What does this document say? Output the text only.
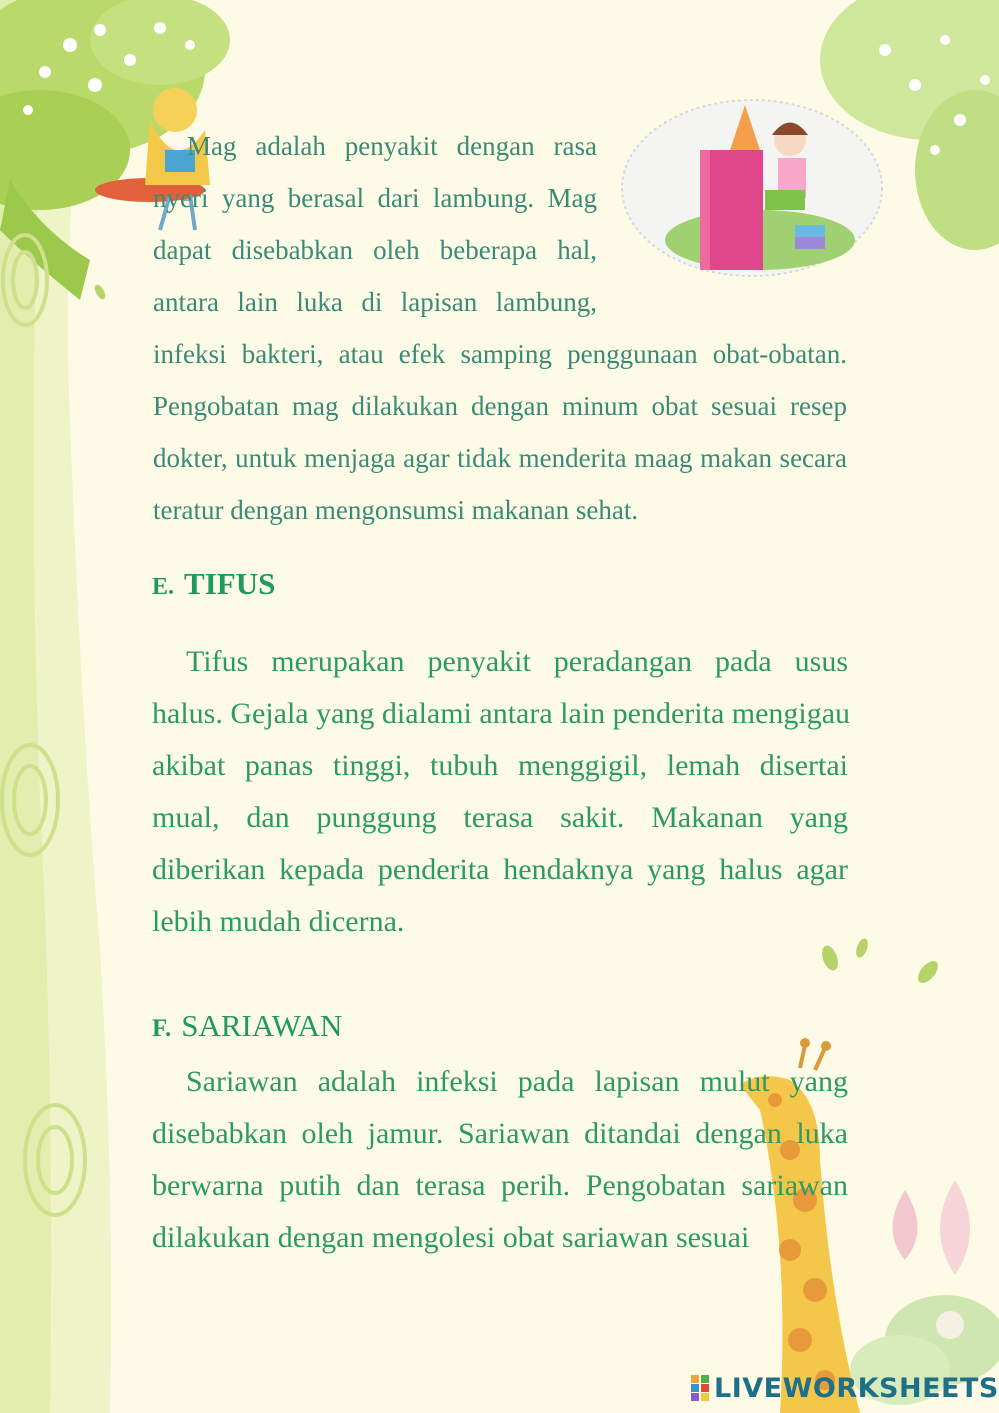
Mag adalah penyakit dengan rasa
nyeri yang berasal dari lambung. Mag
dapat disebabkan oleh beberapa hal,
antara lain luka di lapisan lambung,
infeksi bakteri, atau efek samping penggunaan obat-obatan.
Pengobatan mag dilakukan dengan minum obat sesuai resep
dokter, untuk menjaga agar tidak menderita maag makan secara
teratur dengan mengonsumsi makanan sehat.
E. TIFUS
Tifus merupakan penyakit peradangan pada usus
halus. Gejala yang dialami antara lain penderita mengigau
akibat panas tinggi, tubuh menggigil, lemah disertai
mual, dan punggung terasa sakit. Makanan yang
diberikan kepada penderita hendaknya yang halus agar
lebih mudah dicerna.
F. SARIAWAN
Sariawan adalah infeksi pada lapisan mulut yang
disebabkan oleh jamur. Sariawan ditandai dengan luka
berwarna putih dan terasa perih. Pengobatan sariawan
dilakukan dengan mengolesi obat sariawan sesuai
LIVEWORKSHEETS
